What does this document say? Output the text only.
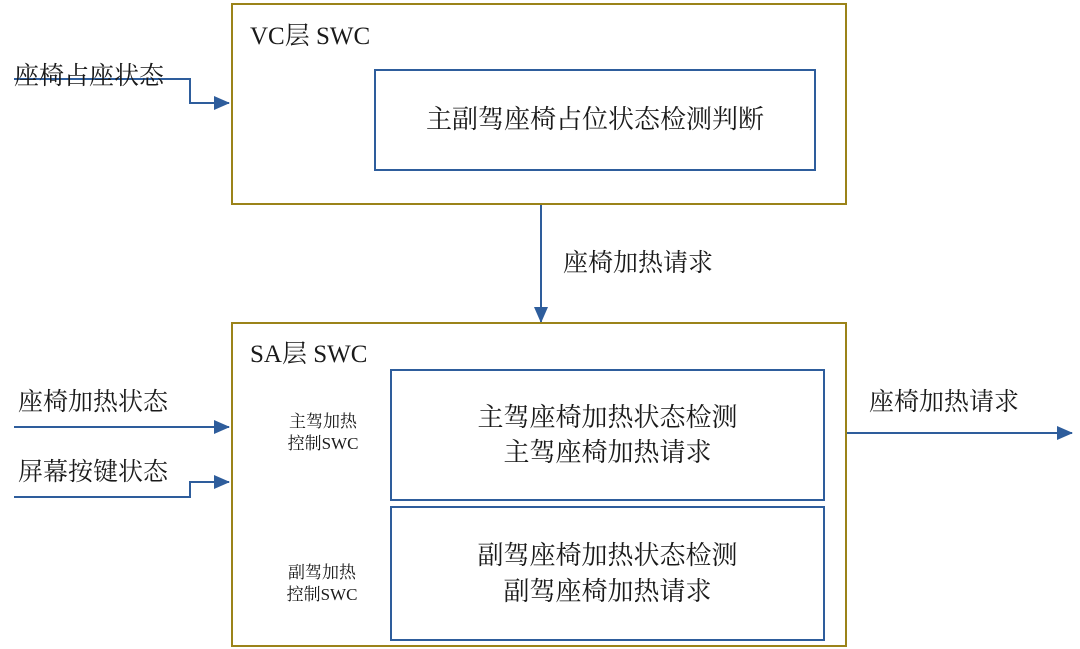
VC层 SWC
主副驾座椅占位状态检测判断
座椅加热请求
SA层 SWC
主驾加热
控制SWC
副驾加热
控制SWC
主驾座椅加热状态检测
主驾座椅加热请求
副驾座椅加热状态检测
副驾座椅加热请求
座椅占座状态
座椅加热状态
屏幕按键状态
座椅加热请求
